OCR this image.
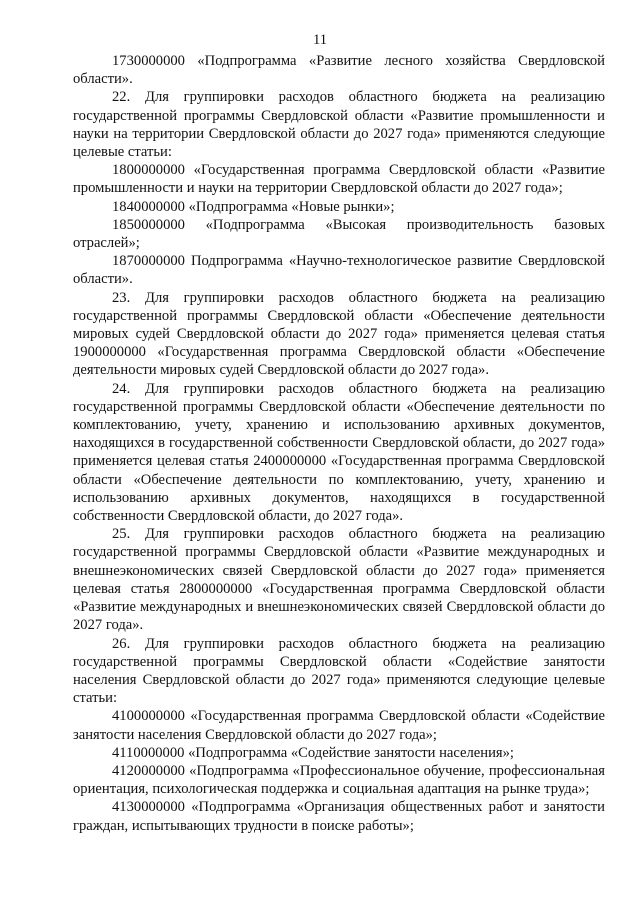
11

1730000000 «Подпрограмма «Развитие лесного хозяйства Свердловской области».

22. Для группировки расходов областного бюджета на реализацию государственной программы Свердловской области «Развитие промышленности и науки на территории Свердловской области до 2027 года» применяются следующие целевые статьи:

1800000000 «Государственная программа Свердловской области «Развитие промышленности и науки на территории Свердловской области до 2027 года»;

1840000000 «Подпрограмма «Новые рынки»;

1850000000 «Подпрограмма «Высокая производительность базовых отраслей»;

1870000000 Подпрограмма «Научно-технологическое развитие Свердловской области».

23. Для группировки расходов областного бюджета на реализацию государственной программы Свердловской области «Обеспечение деятельности мировых судей Свердловской области до 2027 года» применяется целевая статья 1900000000 «Государственная программа Свердловской области «Обеспечение деятельности мировых судей Свердловской области до 2027 года».

24. Для группировки расходов областного бюджета на реализацию государственной программы Свердловской области «Обеспечение деятельности по комплектованию, учету, хранению и использованию архивных документов, находящихся в государственной собственности Свердловской области, до 2027 года» применяется целевая статья 2400000000 «Государственная программа Свердловской области «Обеспечение деятельности по комплектованию, учету, хранению и использованию архивных документов, находящихся в государственной собственности Свердловской области, до 2027 года».

25. Для группировки расходов областного бюджета на реализацию государственной программы Свердловской области «Развитие международных и внешнеэкономических связей Свердловской области до 2027 года» применяется целевая статья 2800000000 «Государственная программа Свердловской области «Развитие международных и внешнеэкономических связей Свердловской области до 2027 года».

26. Для группировки расходов областного бюджета на реализацию государственной программы Свердловской области «Содействие занятости населения Свердловской области до 2027 года» применяются следующие целевые статьи:

4100000000 «Государственная программа Свердловской области «Содействие занятости населения Свердловской области до 2027 года»;

4110000000 «Подпрограмма «Содействие занятости населения»;

4120000000 «Подпрограмма «Профессиональное обучение, профессиональная ориентация, психологическая поддержка и социальная адаптация на рынке труда»;

4130000000 «Подпрограмма «Организация общественных работ и занятости граждан, испытывающих трудности в поиске работы»;
